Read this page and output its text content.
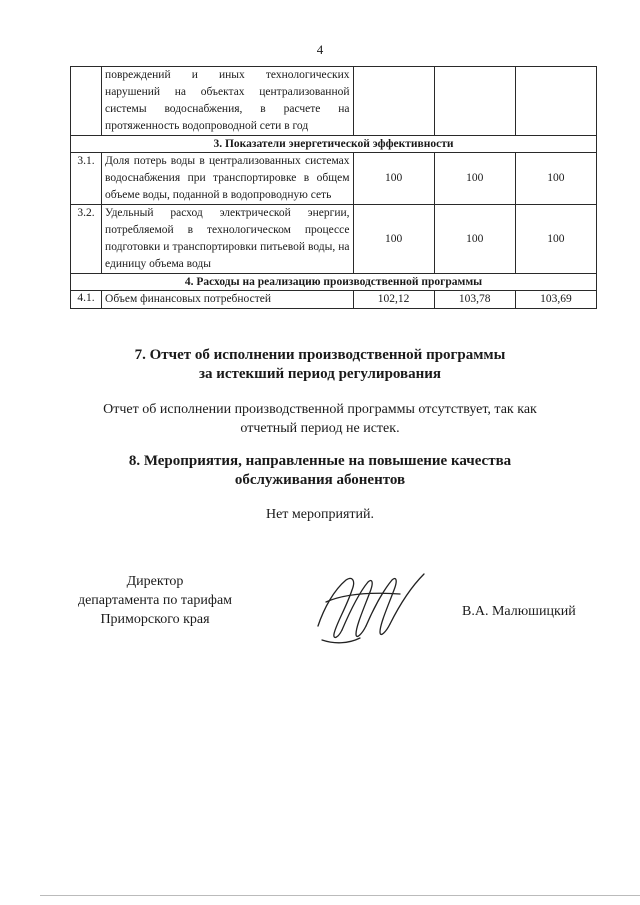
4
	повреждений и иных технологических нарушений на объектах централизованной системы водоснабжения, в расчете на протяженность водопроводной сети в год			
3. Показатели энергетической эффективности				
3.1.	Доля потерь воды в централизованных системах водоснабжения при транспортировке в общем объеме воды, поданной в водопроводную сеть	100	100	100
3.2.	Удельный расход электрической энергии, потребляемой в технологическом процессе подготовки и транспортировки питьевой воды, на единицу объема воды	100	100	100
4. Расходы на реализацию производственной программы				
4.1.	Объем финансовых потребностей	102,12	103,78	103,69
7. Отчет об исполнении производственной программы
за истекший период регулирования
Отчет об исполнении производственной программы отсутствует, так как
отчетный период не истек.
8. Мероприятия, направленные на повышение качества
обслуживания абонентов
Нет мероприятий.
Директор
департамента по тарифам
Приморского края
В.А. Малюшицкий
